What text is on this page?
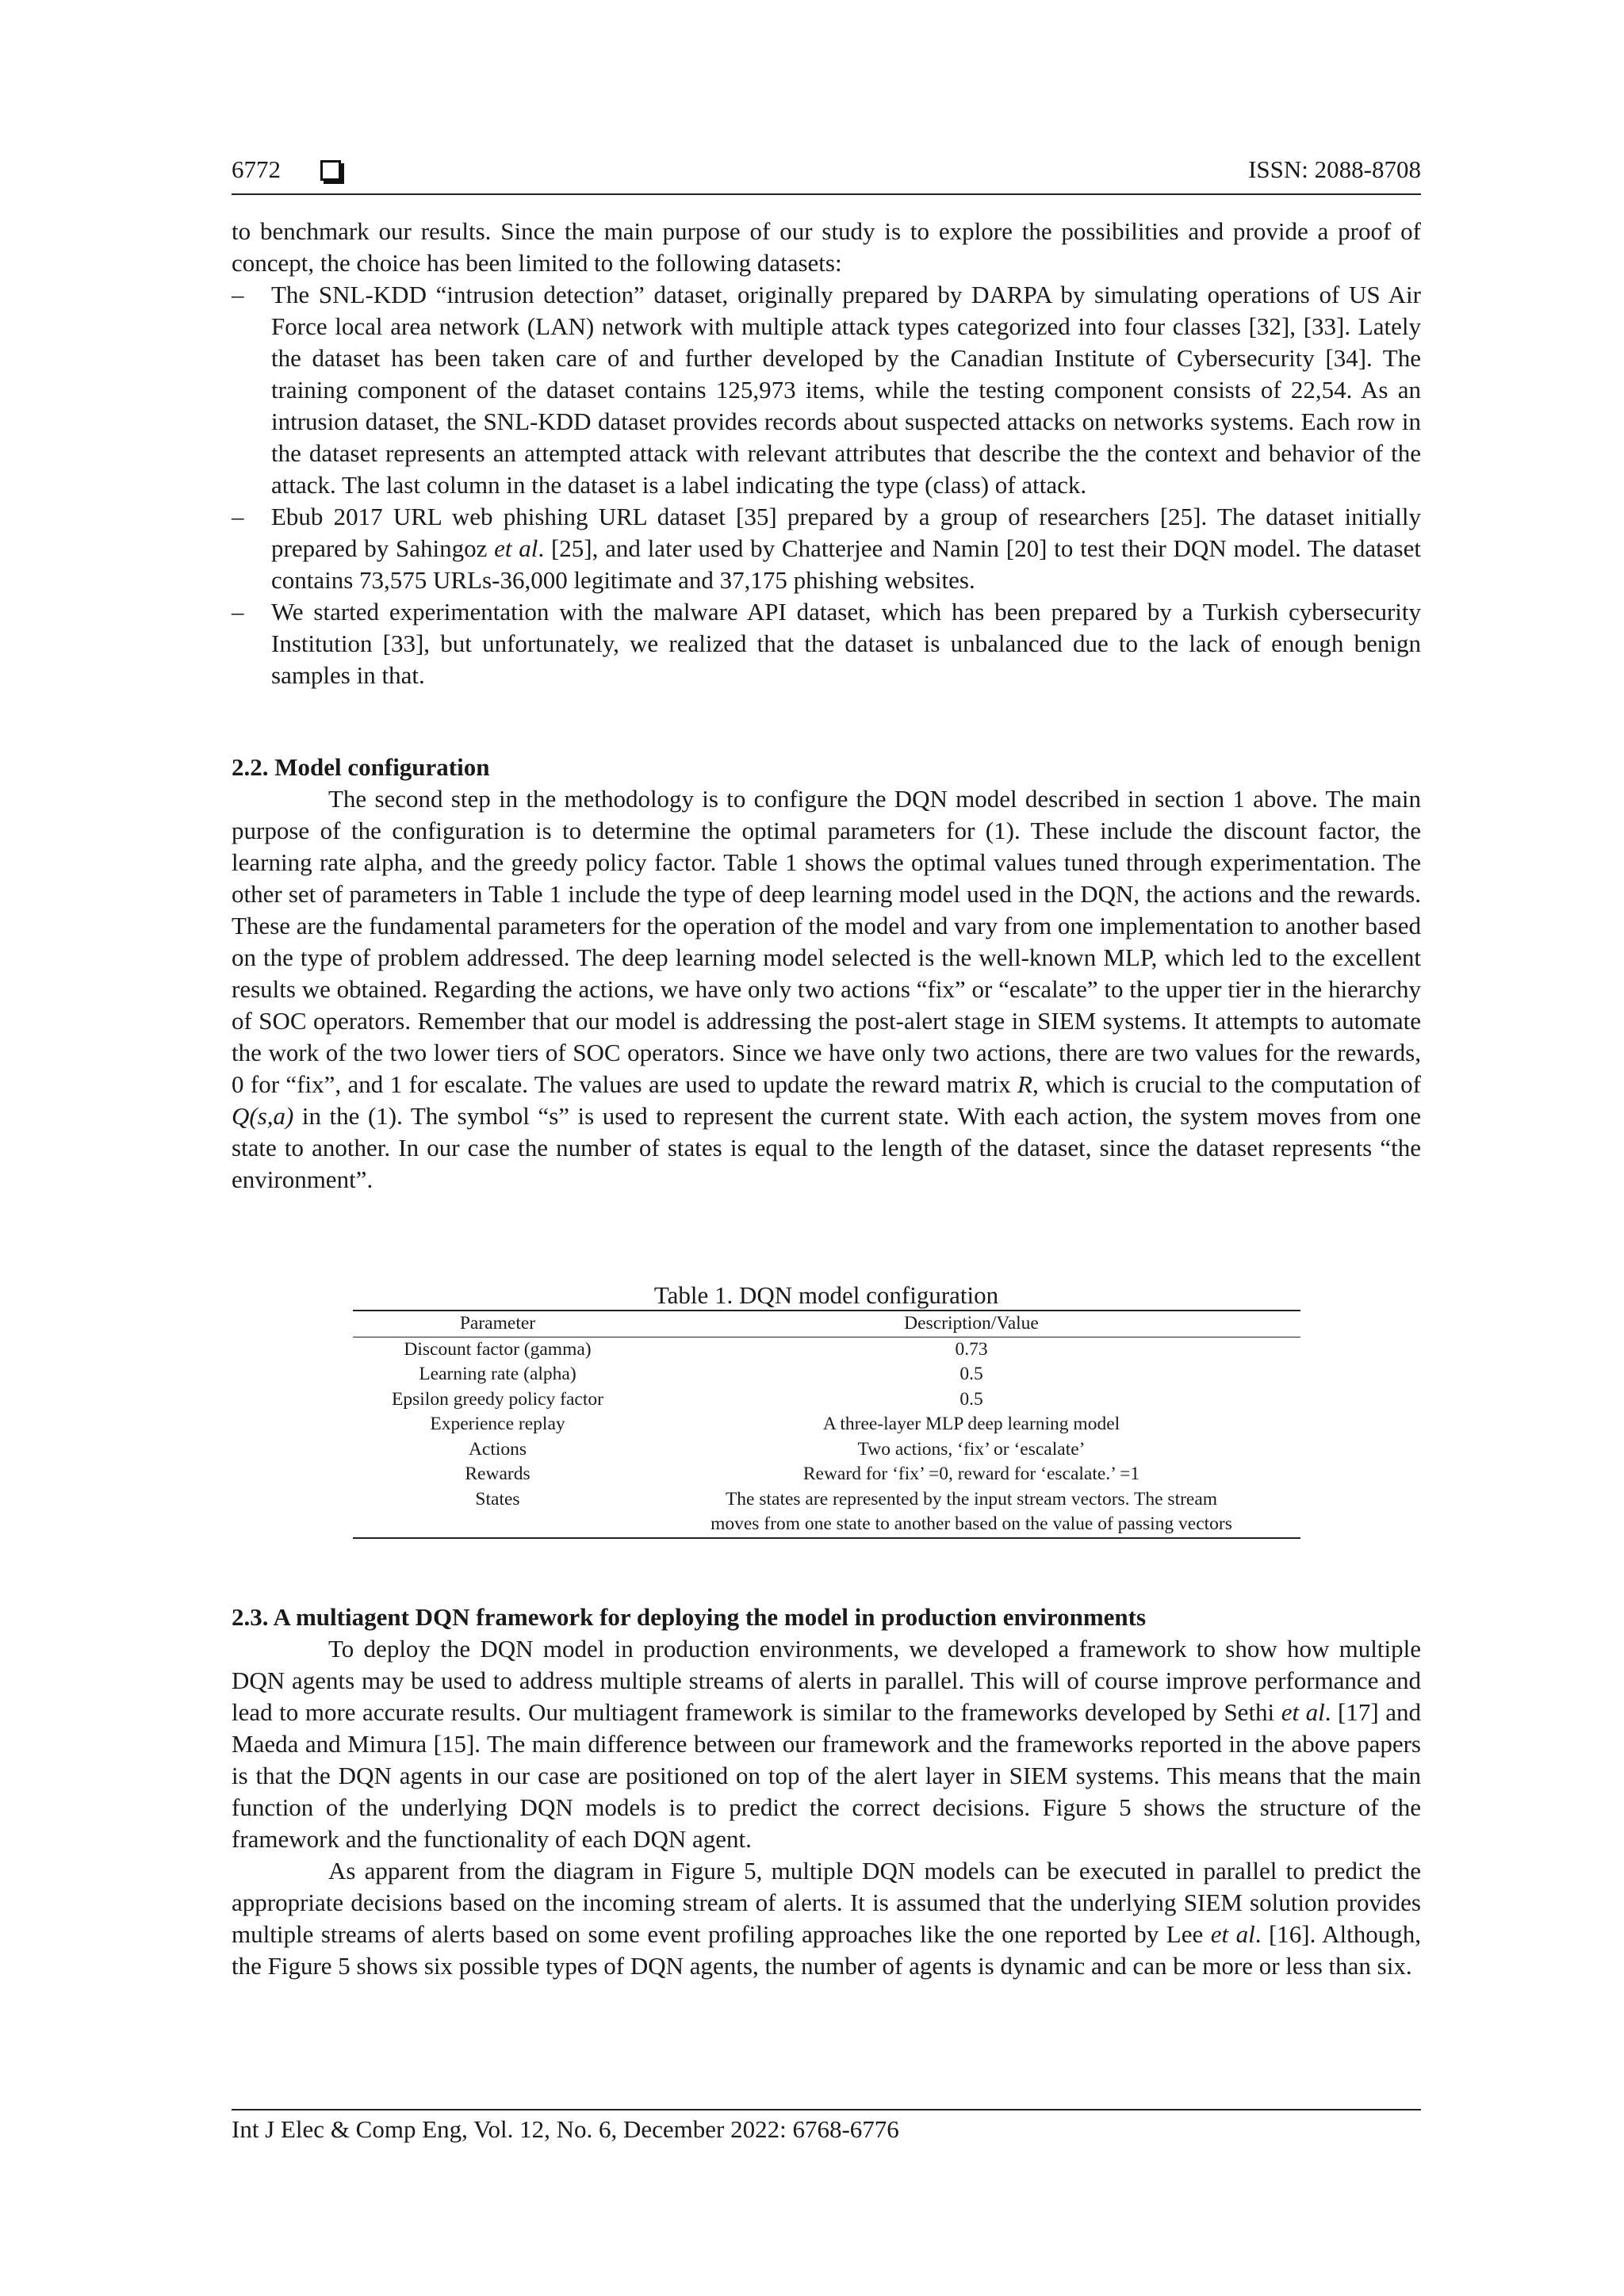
6772	ISSN: 2088-8708

to benchmark our results. Since the main purpose of our study is to explore the possibilities and provide a proof of concept, the choice has been limited to the following datasets:

– The SNL-KDD “intrusion detection” dataset, originally prepared by DARPA by simulating operations of US Air Force local area network (LAN) network with multiple attack types categorized into four classes [32], [33]. Lately the dataset has been taken care of and further developed by the Canadian Institute of Cybersecurity [34]. The training component of the dataset contains 125,973 items, while the testing component consists of 22,54. As an intrusion dataset, the SNL-KDD dataset provides records about suspected attacks on networks systems. Each row in the dataset represents an attempted attack with relevant attributes that describe the the context and behavior of the attack. The last column in the dataset is a label indicating the type (class) of attack.
– Ebub 2017 URL web phishing URL dataset [35] prepared by a group of researchers [25]. The dataset initially prepared by Sahingoz et al. [25], and later used by Chatterjee and Namin [20] to test their DQN model. The dataset contains 73,575 URLs-36,000 legitimate and 37,175 phishing websites.
– We started experimentation with the malware API dataset, which has been prepared by a Turkish cybersecurity Institution [33], but unfortunately, we realized that the dataset is unbalanced due to the lack of enough benign samples in that.
2.2. Model configuration

The second step in the methodology is to configure the DQN model described in section 1 above. The main purpose of the configuration is to determine the optimal parameters for (1). These include the discount factor, the learning rate alpha, and the greedy policy factor. Table 1 shows the optimal values tuned through experimentation. The other set of parameters in Table 1 include the type of deep learning model used in the DQN, the actions and the rewards. These are the fundamental parameters for the operation of the model and vary from one implementation to another based on the type of problem addressed. The deep learning model selected is the well-known MLP, which led to the excellent results we obtained. Regarding the actions, we have only two actions “fix” or “escalate” to the upper tier in the hierarchy of SOC operators. Remember that our model is addressing the post-alert stage in SIEM systems. It attempts to automate the work of the two lower tiers of SOC operators. Since we have only two actions, there are two values for the rewards, 0 for “fix”, and 1 for escalate. The values are used to update the reward matrix R, which is crucial to the computation of Q(s,a) in the (1). The symbol “s” is used to represent the current state. With each action, the system moves from one state to another. In our case the number of states is equal to the length of the dataset, since the dataset represents “the environment”.

Table 1. DQN model configuration
Parameter	Description/Value
Discount factor (gamma)	0.73
Learning rate (alpha)	0.5
Epsilon greedy policy factor	0.5
Experience replay	A three-layer MLP deep learning model
Actions	Two actions, ‘fix’ or ‘escalate’
Rewards	Reward for ‘fix’ =0, reward for ‘escalate.’ =1
States	The states are represented by the input stream vectors. The stream
	moves from one state to another based on the value of passing vectors
2.3. A multiagent DQN framework for deploying the model in production environments

To deploy the DQN model in production environments, we developed a framework to show how multiple DQN agents may be used to address multiple streams of alerts in parallel. This will of course improve performance and lead to more accurate results. Our multiagent framework is similar to the frameworks developed by Sethi et al. [17] and Maeda and Mimura [15]. The main difference between our framework and the frameworks reported in the above papers is that the DQN agents in our case are positioned on top of the alert layer in SIEM systems. This means that the main function of the underlying DQN models is to predict the correct decisions. Figure 5 shows the structure of the framework and the functionality of each DQN agent.

As apparent from the diagram in Figure 5, multiple DQN models can be executed in parallel to predict the appropriate decisions based on the incoming stream of alerts. It is assumed that the underlying SIEM solution provides multiple streams of alerts based on some event profiling approaches like the one reported by Lee et al. [16]. Although, the Figure 5 shows six possible types of DQN agents, the number of agents is dynamic and can be more or less than six.

Int J Elec & Comp Eng, Vol. 12, No. 6, December 2022: 6768-6776
